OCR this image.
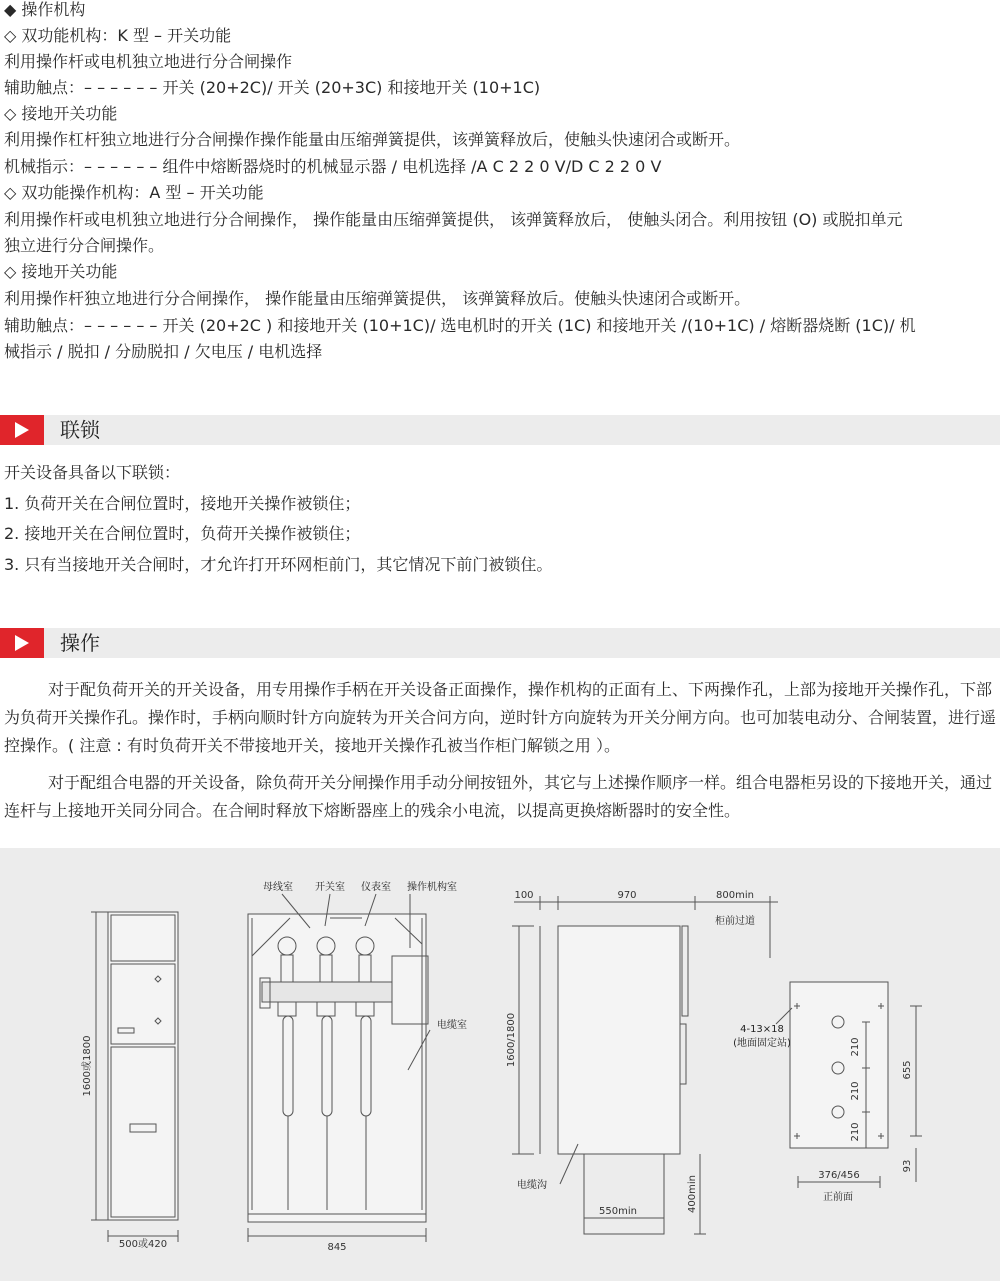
◆ 操作机构
◇ 双功能机构：K 型 – 开关功能
利用操作杆或电机独立地进行分合闸操作
辅助触点：– – – – – – 开关 (20+2C)/ 开关 (20+3C) 和接地开关 (10+1C)
◇ 接地开关功能
利用操作杠杆独立地进行分合闸操作操作能量由压缩弹簧提供，该弹簧释放后，使触头快速闭合或断开。
机械指示：– – – – – – 组件中熔断器烧时的机械显示器 / 电机选择 /A C 2 2 0 V/D C 2 2 0 V
◇ 双功能操作机构：A 型 – 开关功能
利用操作杆或电机独立地进行分合闸操作， 操作能量由压缩弹簧提供， 该弹簧释放后， 使触头闭合。利用按钮 (O) 或脱扣单元
独立进行分合闸操作。
◇ 接地开关功能
利用操作杆独立地进行分合闸操作， 操作能量由压缩弹簧提供， 该弹簧释放后。使触头快速闭合或断开。
辅助触点：– – – – – – 开关 (20+2C ) 和接地开关 (10+1C)/ 选电机时的开关 (1C) 和接地开关 /(10+1C) / 熔断器烧断 (1C)/ 机
械指示 / 脱扣 / 分励脱扣 / 欠电压 / 电机选择
联锁
开关设备具备以下联锁：
1. 负荷开关在合闸位置时，接地开关操作被锁住；
2. 接地开关在合闸位置时，负荷开关操作被锁住；
3. 只有当接地开关合闸时，才允许打开环网柜前门，其它情况下前门被锁住。
操作
对于配负荷开关的开关设备，用专用操作手柄在开关设备正面操作，操作机构的正面有上、下两操作孔，上部为接地开关操作孔，下部为负荷开关操作孔。操作时，手柄向顺时针方向旋转为开关合问方向，逆时针方向旋转为开关分闸方向。也可加装电动分、合闸装置，进行遥控操作。( 注意 : 有时负荷开关不带接地开关，接地开关操作孔被当作柜门解锁之用 ）。
对于配组合电器的开关设备，除负荷开关分闸操作用手动分闸按钮外，其它与上述操作顺序一样。组合电器柜另设的下接地开关，通过连杆与上接地开关同分同合。在合闸时释放下熔断器座上的残余小电流，以提高更换熔断器时的安全性。
1600或1800
500或420
母线室 开关室 仪表室 操作机构室
电缆室
845
100	970	800min
1600/1800
400min
550min
柜前过道
电缆沟
4-13×18
(地面固定站)
正前面
210
210
210
655
376/456
93
